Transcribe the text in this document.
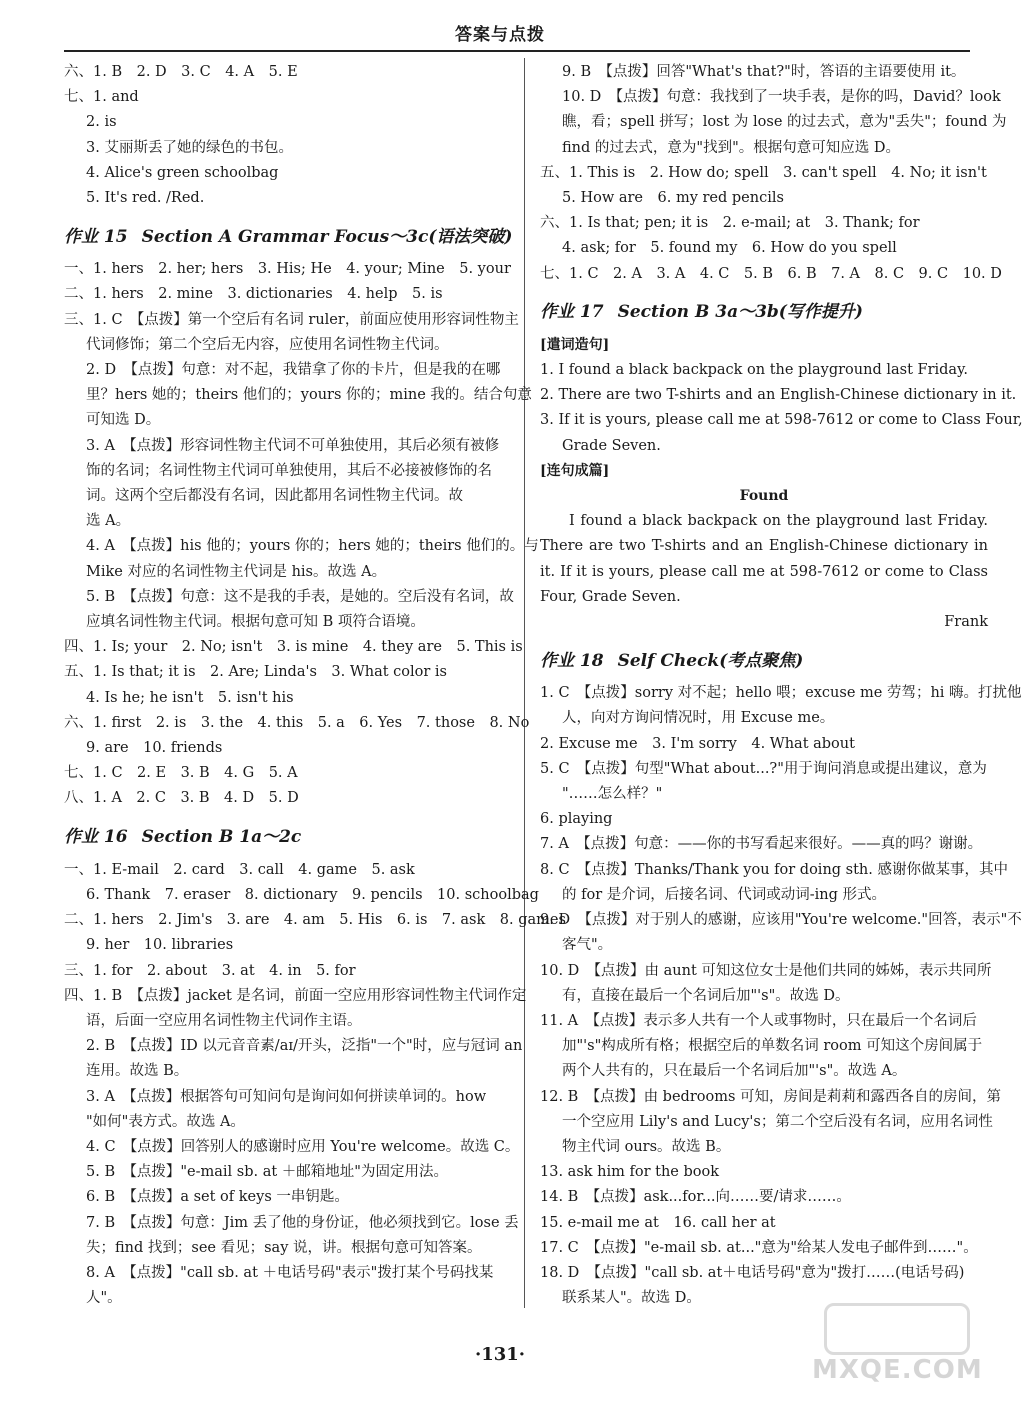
答案与点拨
六、1. B　2. D　3. C　4. A　5. E
七、1. and
2. is
3. 艾丽斯丢了她的绿色的书包。
4. Alice's green schoolbag
5. It's red. /Red.
作业 15 Section A Grammar Focus～3c(语法突破)
一、1. hers　2. her; hers　3. His; He　4. your; Mine　5. your
二、1. hers　2. mine　3. dictionaries　4. help　5. is
三、1. C　【点拨】第一个空后有名词 ruler，前面应使用形容词性物主
代词修饰；第二个空后无内容，应使用名词性物主代词。
2. D　【点拨】句意：对不起，我错拿了你的卡片，但是我的在哪
里？hers 她的；theirs 他们的；yours 你的；mine 我的。结合句意
可知选 D。
3. A　【点拨】形容词性物主代词不可单独使用，其后必须有被修
饰的名词；名词性物主代词可单独使用，其后不必接被修饰的名
词。这两个空后都没有名词，因此都用名词性物主代词。故
选 A。
4. A　【点拨】his 他的；yours 你的；hers 她的；theirs 他们的。与
Mike 对应的名词性物主代词是 his。故选 A。
5. B　【点拨】句意：这不是我的手表，是她的。空后没有名词，故
应填名词性物主代词。根据句意可知 B 项符合语境。
四、1. Is; your　2. No; isn't　3. is mine　4. they are　5. This is
五、1. Is that; it is　2. Are; Linda's　3. What color is
4. Is he; he isn't　5. isn't his
六、1. first　2. is　3. the　4. this　5. a　6. Yes　7. those　8. No
9. are　10. friends
七、1. C　2. E　3. B　4. G　5. A
八、1. A　2. C　3. B　4. D　5. D
作业 16 Section B 1a～2c
一、1. E-mail　2. card　3. call　4. game　5. ask
6. Thank　7. eraser　8. dictionary　9. pencils　10. schoolbag
二、1. hers　2. Jim's　3. are　4. am　5. His　6. is　7. ask　8. games
9. her　10. libraries
三、1. for　2. about　3. at　4. in　5. for
四、1. B　【点拨】jacket 是名词，前面一空应用形容词性物主代词作定
语，后面一空应用名词性物主代词作主语。
2. B　【点拨】ID 以元音音素/aɪ/开头，泛指"一个"时，应与冠词 an
连用。故选 B。
3. A　【点拨】根据答句可知问句是询问如何拼读单词的。how
"如何"表方式。故选 A。
4. C　【点拨】回答别人的感谢时应用 You're welcome。故选 C。
5. B　【点拨】"e-mail sb. at ＋邮箱地址"为固定用法。
6. B　【点拨】a set of keys 一串钥匙。
7. B　【点拨】句意：Jim 丢了他的身份证，他必须找到它。lose 丢
失；find 找到；see 看见；say 说，讲。根据句意可知答案。
8. A　【点拨】"call sb. at ＋电话号码"表示"拨打某个号码找某
人"。
9. B　【点拨】回答"What's that?"时，答语的主语要使用 it。
10. D　【点拨】句意：我找到了一块手表，是你的吗，David？look
瞧，看；spell 拼写；lost 为 lose 的过去式，意为"丢失"；found 为
find 的过去式，意为"找到"。根据句意可知应选 D。
五、1. This is　2. How do; spell　3. can't spell　4. No; it isn't
5. How are　6. my red pencils
六、1. Is that; pen; it is　2. e-mail; at　3. Thank; for
4. ask; for　5. found my　6. How do you spell
七、1. C　2. A　3. A　4. C　5. B　6. B　7. A　8. C　9. C　10. D
作业 17 Section B 3a～3b(写作提升)
[遣词造句]
1. I found a black backpack on the playground last Friday.
2. There are two T-shirts and an English-Chinese dictionary in it.
3. If it is yours, please call me at 598-7612 or come to Class Four,
Grade Seven.
[连句成篇]
Found
I found a black backpack on the playground last Friday. There are two T-shirts and an English-Chinese dictionary in it. If it is yours, please call me at 598-7612 or come to Class Four, Grade Seven.
Frank
作业 18 Self Check(考点聚焦)
1. C　【点拨】sorry 对不起；hello 喂；excuse me 劳驾；hi 嗨。打扰他
人，向对方询问情况时，用 Excuse me。
2. Excuse me　3. I'm sorry　4. What about
5. C　【点拨】句型"What about...?"用于询问消息或提出建议，意为
"……怎么样？"
6. playing
7. A　【点拨】句意：——你的书写看起来很好。——真的吗？谢谢。
8. C　【点拨】Thanks/Thank you for doing sth. 感谢你做某事，其中
的 for 是介词，后接名词、代词或动词-ing 形式。
9. D　【点拨】对于别人的感谢，应该用"You're welcome."回答，表示"不
客气"。
10. D　【点拨】由 aunt 可知这位女士是他们共同的姊姊，表示共同所
有，直接在最后一个名词后加"'s"。故选 D。
11. A　【点拨】表示多人共有一个人或事物时，只在最后一个名词后
加"'s"构成所有格；根据空后的单数名词 room 可知这个房间属于
两个人共有的，只在最后一个名词后加"'s"。故选 A。
12. B　【点拨】由 bedrooms 可知，房间是莉莉和露西各自的房间，第
一个空应用 Lily's and Lucy's；第二个空后没有名词，应用名词性
物主代词 ours。故选 B。
13. ask him for the book
14. B　【点拨】ask...for...向……要/请求……。
15. e-mail me at　16. call her at
17. C　【点拨】"e-mail sb. at..."意为"给某人发电子邮件到……"。
18. D　【点拨】"call sb. at＋电话号码"意为"拨打……(电话号码)
联系某人"。故选 D。
·131·
MXQE.COM
